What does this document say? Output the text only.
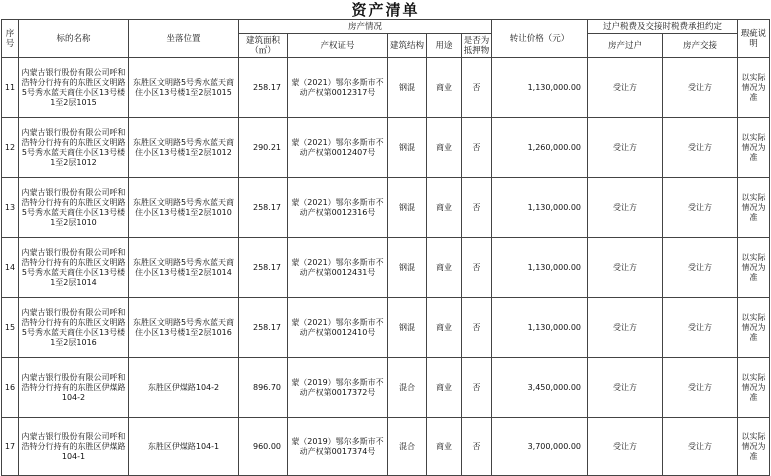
资产清单
序号	标的名称	坐落位置	房产情况					转让价格（元）	过户税费及交接时税费承担约定		瑕疵说明
			建筑面积（㎡）	产权证号	建筑结构	用途	是否为抵押物		房产过户	房产交接	
11	内蒙古银行股份有限公司呼和浩特分行持有的东胜区文明路5号秀水蓝天商住小区13号楼1至2层1015	东胜区文明路5号秀水蓝天商住小区13号楼1至2层1015	258.17	蒙（2021）鄂尔多斯市不动产权第0012317号	钢混	商业	否	1,130,000.00	受让方	受让方	以实际情况为准
12	内蒙古银行股份有限公司呼和浩特分行持有的东胜区文明路5号秀水蓝天商住小区13号楼1至2层1012	东胜区文明路5号秀水蓝天商住小区13号楼1至2层1012	290.21	蒙（2021）鄂尔多斯市不动产权第0012407号	钢混	商业	否	1,260,000.00	受让方	受让方	以实际情况为准
13	内蒙古银行股份有限公司呼和浩特分行持有的东胜区文明路5号秀水蓝天商住小区13号楼1至2层1010	东胜区文明路5号秀水蓝天商住小区13号楼1至2层1010	258.17	蒙（2021）鄂尔多斯市不动产权第0012316号	钢混	商业	否	1,130,000.00	受让方	受让方	以实际情况为准
14	内蒙古银行股份有限公司呼和浩特分行持有的东胜区文明路5号秀水蓝天商住小区13号楼1至2层1014	东胜区文明路5号秀水蓝天商住小区13号楼1至2层1014	258.17	蒙（2021）鄂尔多斯市不动产权第0012431号	钢混	商业	否	1,130,000.00	受让方	受让方	以实际情况为准
15	内蒙古银行股份有限公司呼和浩特分行持有的东胜区文明路5号秀水蓝天商住小区13号楼1至2层1016	东胜区文明路5号秀水蓝天商住小区13号楼1至2层1016	258.17	蒙（2021）鄂尔多斯市不动产权第0012410号	钢混	商业	否	1,130,000.00	受让方	受让方	以实际情况为准
16	内蒙古银行股份有限公司呼和浩特分行持有的东胜区伊煤路104-2	东胜区伊煤路104-2	896.70	蒙（2019）鄂尔多斯市不动产权第0017372号	混合	商业	否	3,450,000.00	受让方	受让方	以实际情况为准
17	内蒙古银行股份有限公司呼和浩特分行持有的东胜区伊煤路104-1	东胜区伊煤路104-1	960.00	蒙（2019）鄂尔多斯市不动产权第0017374号	混合	商业	否	3,700,000.00	受让方	受让方	以实际情况为准
